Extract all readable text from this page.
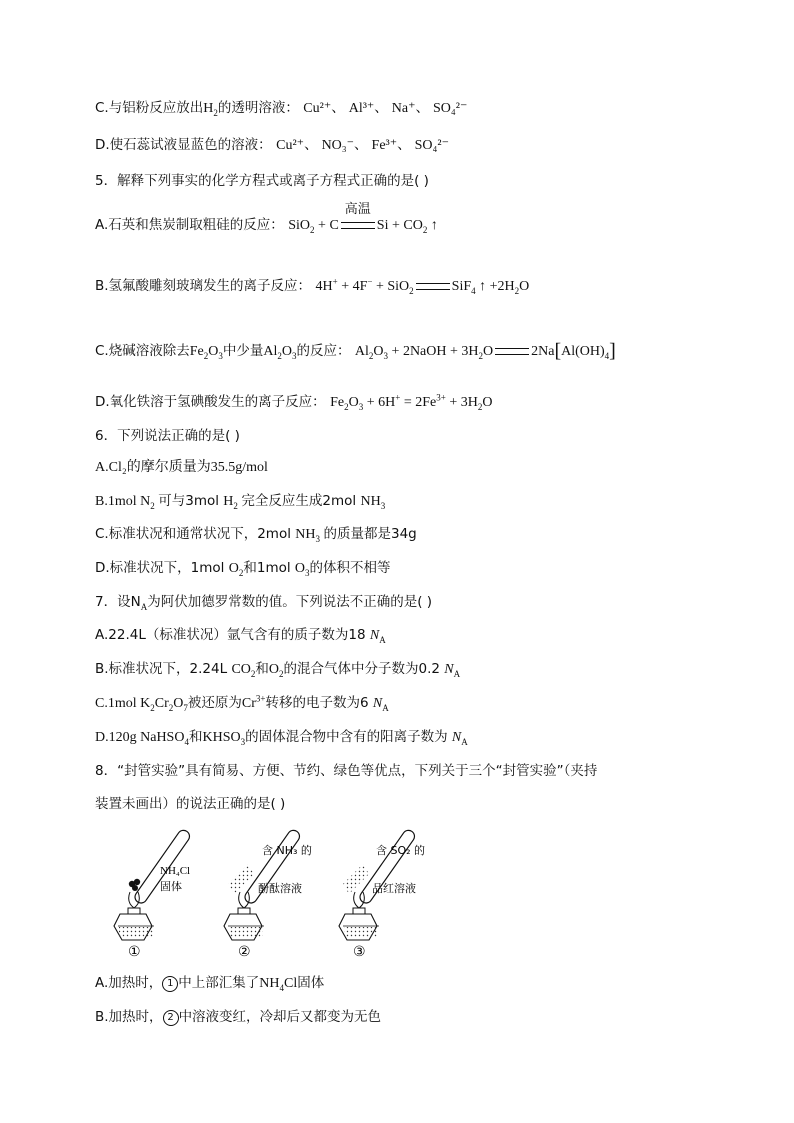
C.与铝粉反应放出$H_2$的透明溶液： Cu²⁺、 Al³⁺、 Na⁺、 SO₄²⁻
D.使石蕊试液显蓝色的溶液： Cu²⁺、 NO₃⁻、 Fe³⁺、 SO₄²⁻
5．解释下列事实的化学方程式或离子方程式正确的是( )
A.石英和焦炭制取粗硅的反应： SiO$_2$ + C
高温
$Si + CO_2$ ↑
B.氢氟酸雕刻玻璃发生的离子反应： 4H+ + 4F− + SiO$_2$	SiF$_4$ ↑ $+2H_2O$
C.烧碱溶液除去$Fe_2O_3$中少量$Al_2O_3$的反应： $Al_2O_3$ + 2NaOH + $3H_2O$	$2Na[Al(OH)_4]$
D.氧化铁溶于氢碘酸发生的离子反应： $Fe_2O_3 + 6H^+ = 2Fe^{3+} + 3H_2O$
6．下列说法正确的是( )
A.Cl₂的摩尔质量为35.5g/mol
B.1mol $N_2$ 可与3mol $H_2$ 完全反应生成2mol $NH_3$
C.标准状况和通常状况下，2mol $NH_3$ 的质量都是34g
D.标准状况下，1mol $O_2$和1mol $O_3$的体积不相等
7．设$N_A$为阿伏加德罗常数的值。下列说法不正确的是( )
A.22.4L（标准状况）氩气含有的质子数为18 $N_A$
B.标准状况下，2.24L $CO_2$和$O_2$的混合气体中分子数为0.2 $N_A$
C.1mol $K_2Cr_2O_7$被还原为$Cr^{3+}$转移的电子数为6 $N_A$
D.120g NaHSO$_4$和$KHSO_3$的固体混合物中含有的阳离子数为 $N_A$
8．“封管实验”具有简易、方便、节约、绿色等优点，下列关于三个“封管实验”（夹持
装置未画出）的说法正确的是( )
NH₄Cl
固体
含 NH₃ 的
酚酞溶液
含 SO₂ 的
品红溶液
①	②	③
A.加热时， 1 中上部汇集了$NH_4Cl$固体
B.加热时， 2 中溶液变红，冷却后又都变为无色
